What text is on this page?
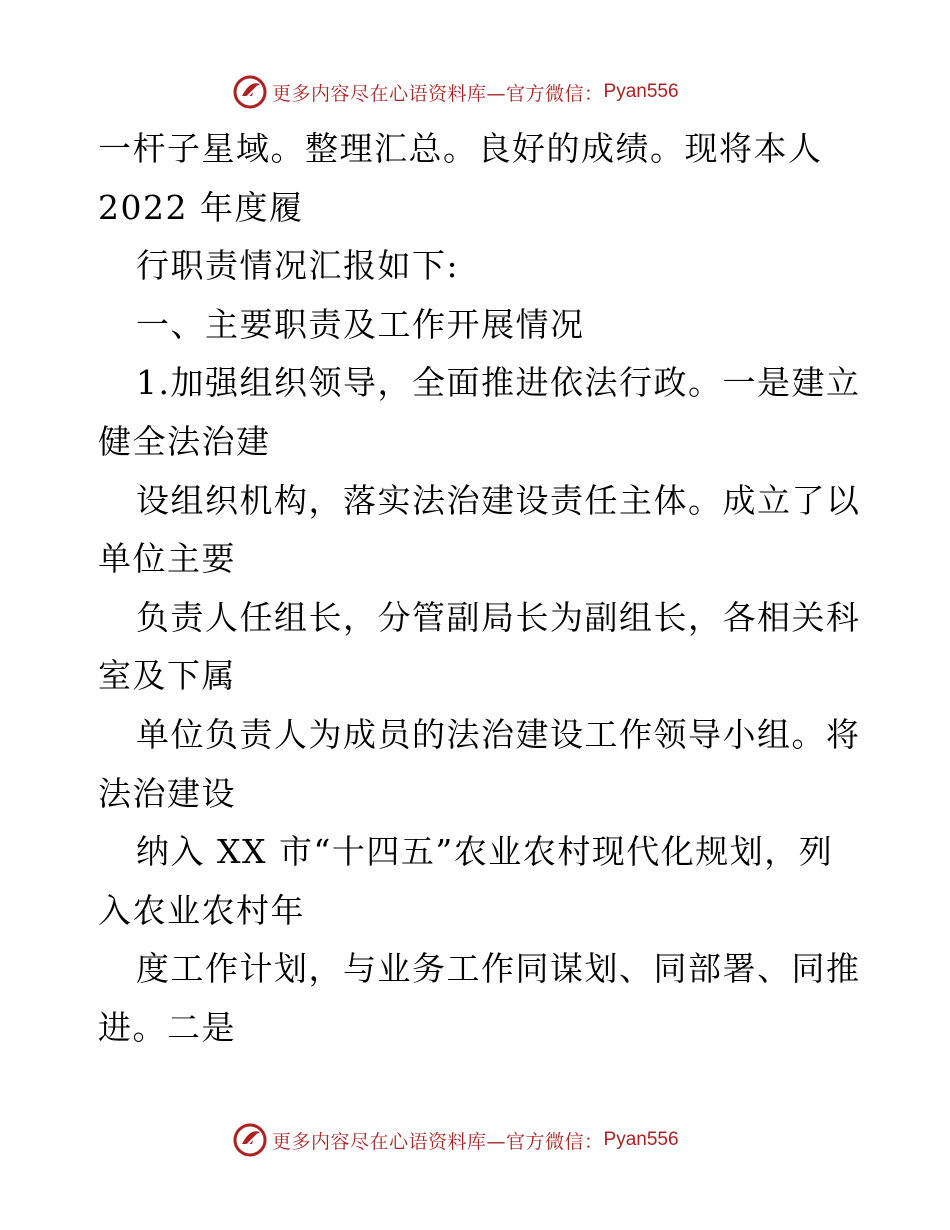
更多内容尽在心语资料库—官方微信： Pyan556
一杆子星域。整理汇总。良好的成绩。现将本人
2022 年度履
行职责情况汇报如下:
一、主要职责及工作开展情况
1.加强组织领导，全面推进依法行政。一是建立
健全法治建
设组织机构，落实法治建设责任主体。成立了以
单位主要
负责人任组长，分管副局长为副组长，各相关科
室及下属
单位负责人为成员的法治建设工作领导小组。将
法治建设
纳入 XX 市“十四五”农业农村现代化规划，列
入农业农村年
度工作计划，与业务工作同谋划、同部署、同推
进。二是
更多内容尽在心语资料库—官方微信： Pyan556
